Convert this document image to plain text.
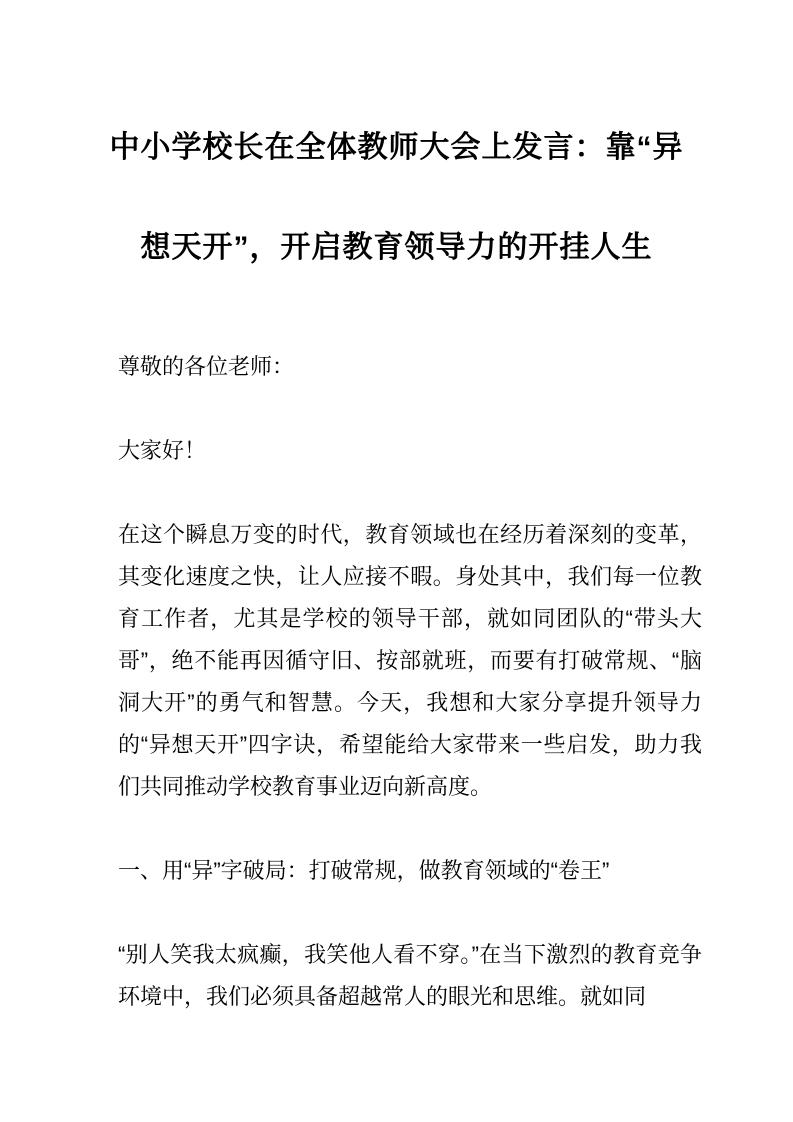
中小学校长在全体教师大会上发言：靠“异
想天开”，开启教育领导力的开挂人生

尊敬的各位老师：

大家好！

在这个瞬息万变的时代，教育领域也在经历着深刻的变革，其变化速度之快，让人应接不暇。身处其中，我们每一位教育工作者，尤其是学校的领导干部，就如同团队的“带头大哥”，绝不能再因循守旧、按部就班，而要有打破常规、“脑洞大开”的勇气和智慧。今天，我想和大家分享提升领导力的“异想天开”四字诀，希望能给大家带来一些启发，助力我们共同推动学校教育事业迈向新高度。

一、用“异”字破局：打破常规，做教育领域的“卷王”

“别人笑我太疯癫，我笑他人看不穿。”在当下激烈的教育竞争环境中，我们必须具备超越常人的眼光和思维。就如同
